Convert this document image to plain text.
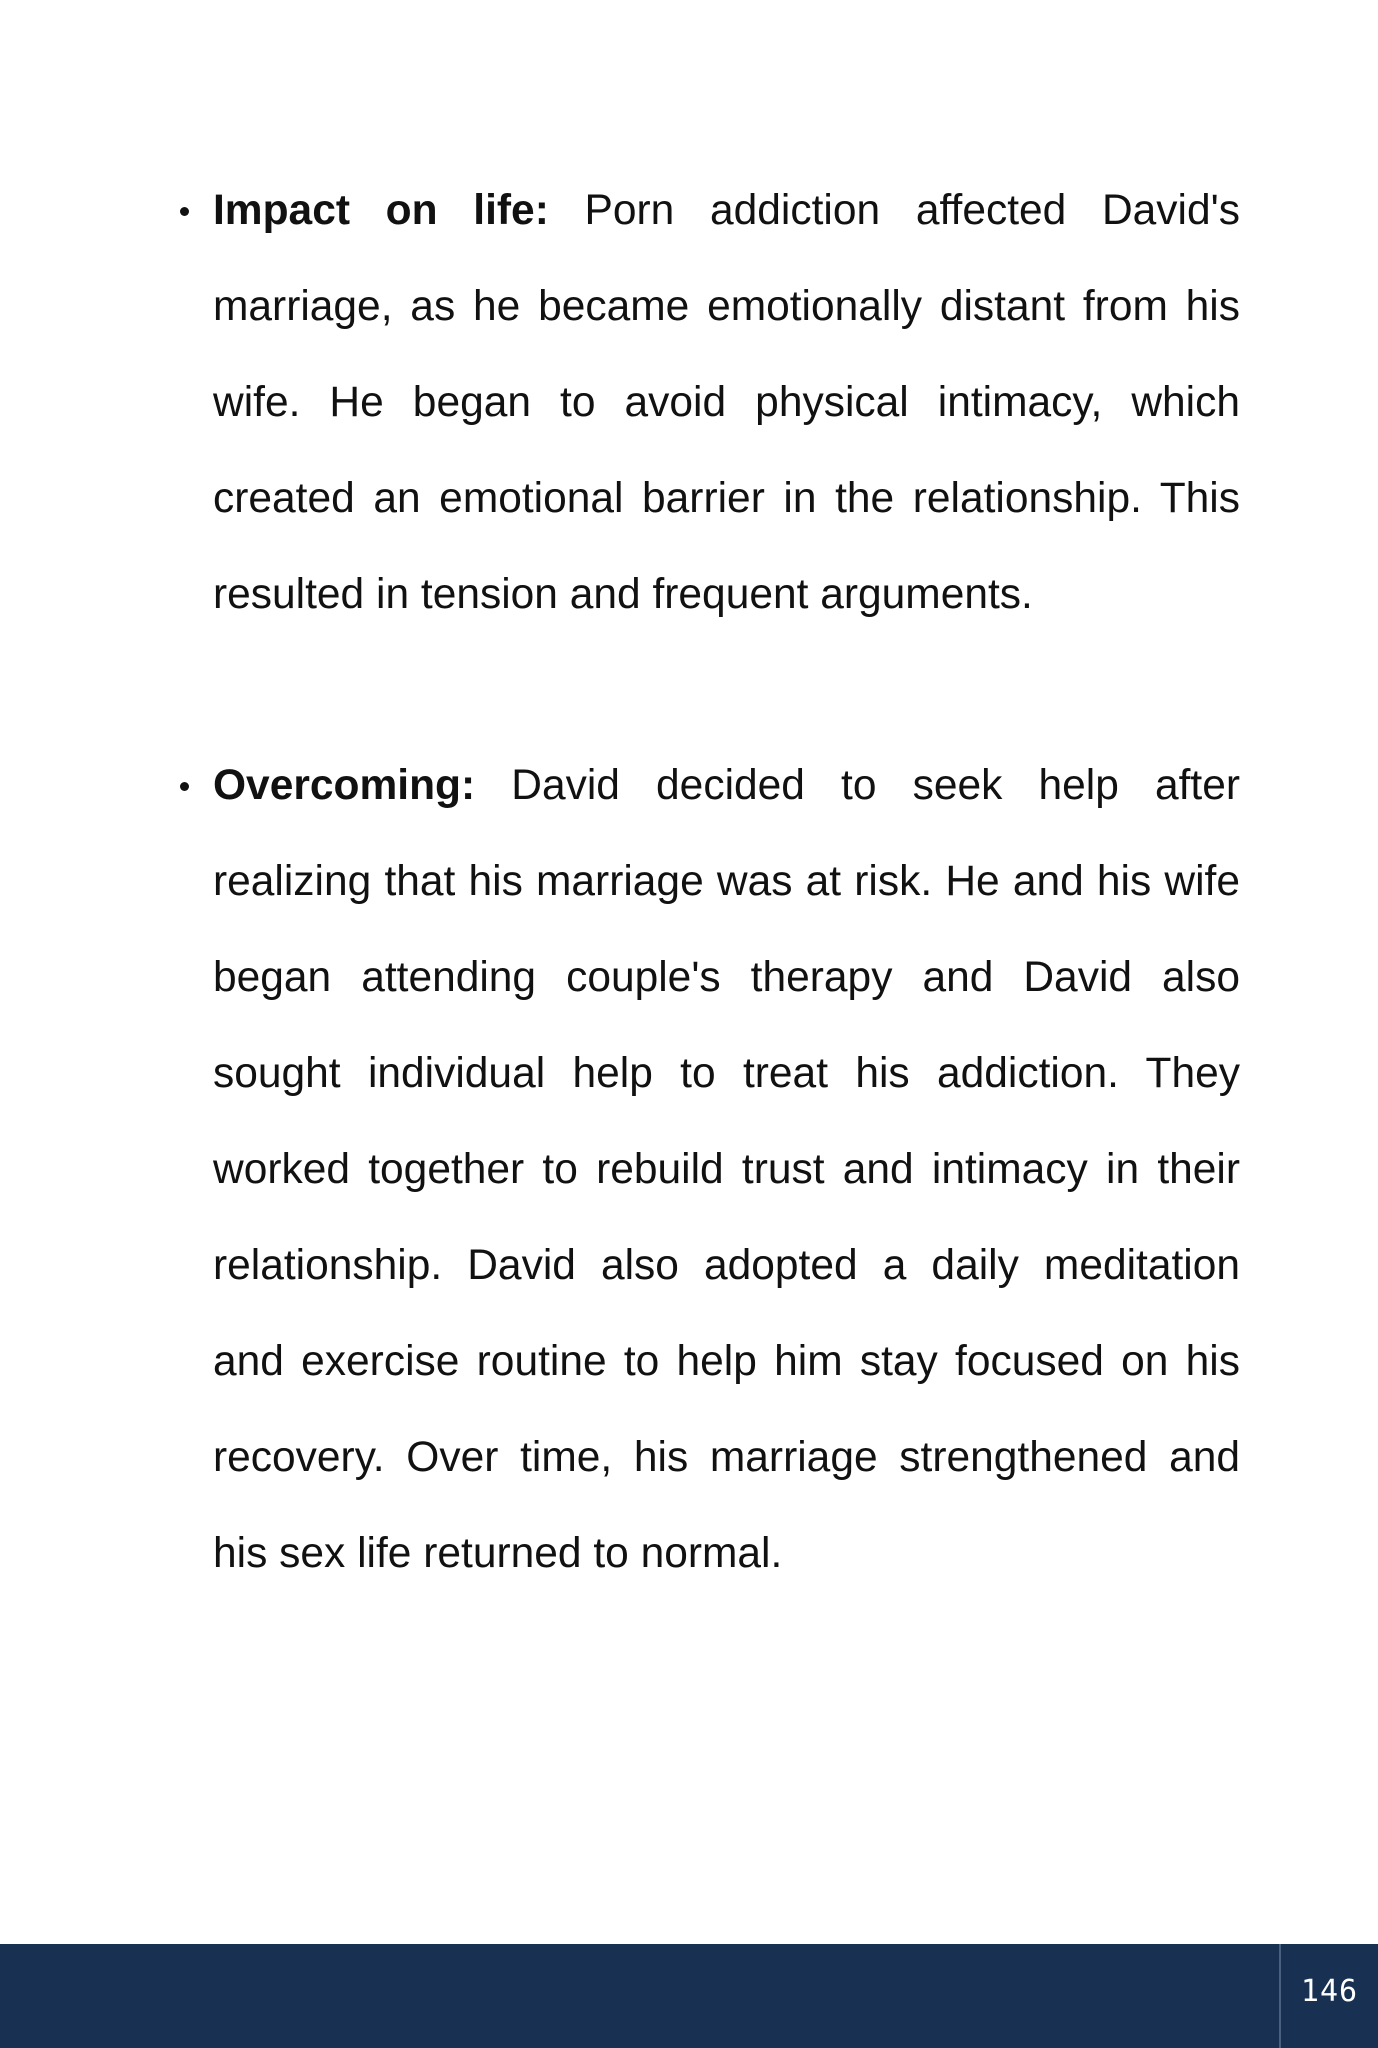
Impact on life: Porn addiction affected David's marriage, as he became emotionally distant from his wife. He began to avoid physical intimacy, which created an emotional barrier in the relationship. This resulted in tension and frequent arguments.
Overcoming: David decided to seek help after realizing that his marriage was at risk. He and his wife began attending couple's therapy and David also sought individual help to treat his addiction. They worked together to rebuild trust and intimacy in their relationship. David also adopted a daily meditation and exercise routine to help him stay focused on his recovery. Over time, his marriage strengthened and his sex life returned to normal.
146
